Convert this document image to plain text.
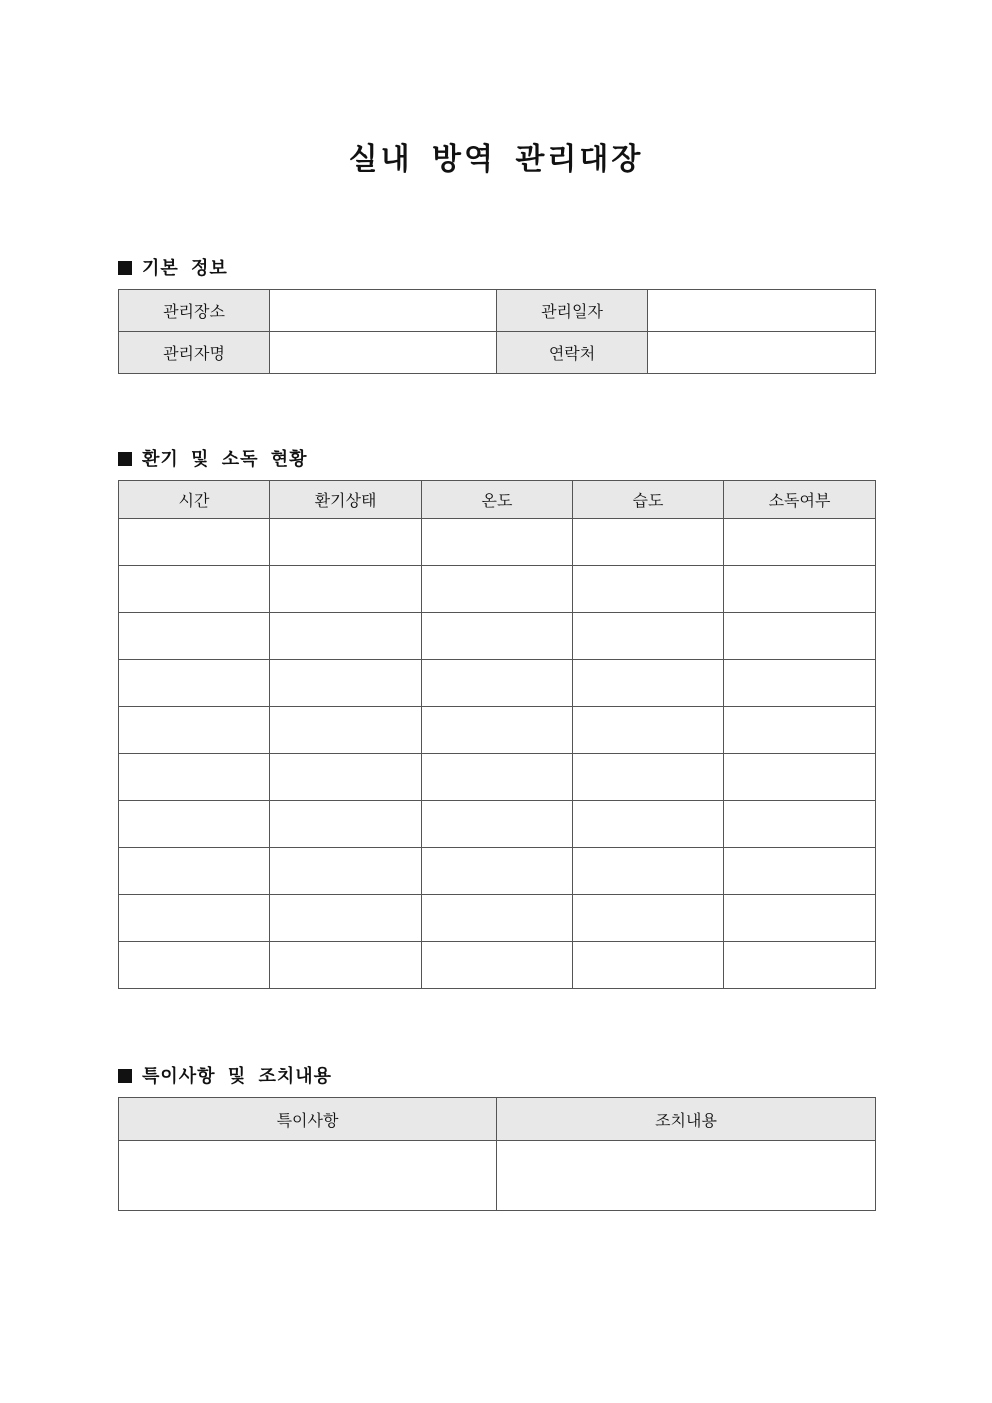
실내 방역 관리대장
기본 정보
관리장소		관리일자	
관리자명		연락처	
환기 및 소독 현황
시간	환기상태	온도	습도	소독여부

특이사항 및 조치내용
특이사항	조치내용
